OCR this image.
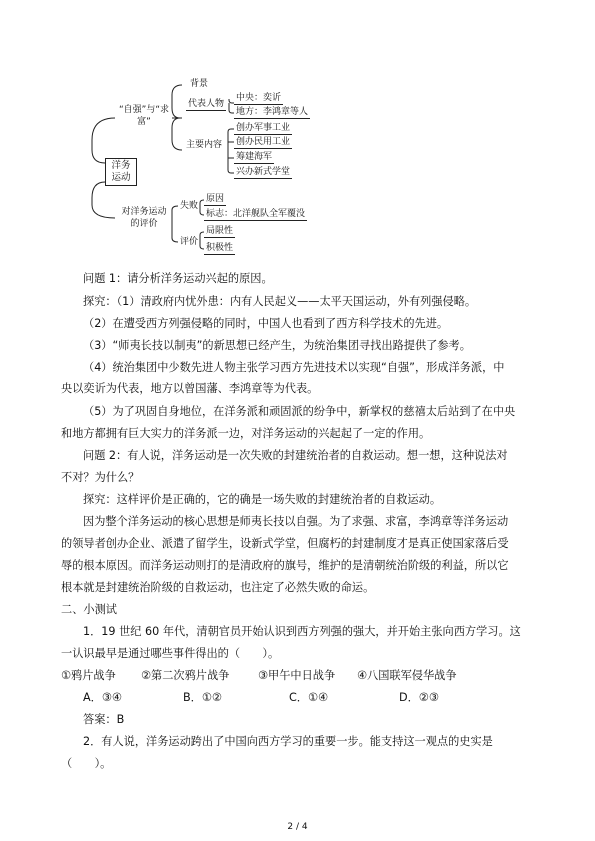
洋务运动
“自强”与“求富”
对洋务运动的评价
背景
代表人物
中央：奕䜣
地方：李鸿章等人
主要内容
创办军事工业
创办民用工业
筹建海军
兴办新式学堂
失败
原因
标志：北洋舰队全军覆没
评价
局限性
积极性
问题 1：请分析洋务运动兴起的原因。
探究：（1）清政府内忧外患：内有人民起义——太平天国运动，外有列强侵略。
（2）在遭受西方列强侵略的同时，中国人也看到了西方科学技术的先进。
（3）“师夷长技以制夷”的新思想已经产生，为统治集团寻找出路提供了参考。
（4）统治集团中少数先进人物主张学习西方先进技术以实现“自强”，形成洋务派，中
央以奕䜣为代表，地方以曾国藩、李鸿章等为代表。
（5）为了巩固自身地位，在洋务派和顽固派的纷争中，新掌权的慈禧太后站到了在中央
和地方都拥有巨大实力的洋务派一边，对洋务运动的兴起起了一定的作用。
问题 2：有人说，洋务运动是一次失败的封建统治者的自救运动。想一想，这种说法对
不对？为什么？
探究：这样评价是正确的，它的确是一场失败的封建统治者的自救运动。
因为整个洋务运动的核心思想是师夷长技以自强。为了求强、求富，李鸿章等洋务运动
的领导者创办企业、派遣了留学生，设新式学堂，但腐朽的封建制度才是真正使国家落后受
辱的根本原因。而洋务运动则打的是清政府的旗号，维护的是清朝统治阶级的利益，所以它
根本就是封建统治阶级的自救运动，也注定了必然失败的命运。
二、小测试
1．19 世纪 60 年代，清朝官员开始认识到西方列强的强大，并开始主张向西方学习。这
一认识最早是通过哪些事件得出的（　　）。
①鸦片战争 ②第二次鸦片战争	③甲午中日战争 ④八国联军侵华战争
A．③④	B．①②	C．①④	D．②③
答案：B
2．有人说，洋务运动跨出了中国向西方学习的重要一步。能支持这一观点的史实是
（　　）。
2 / 4
